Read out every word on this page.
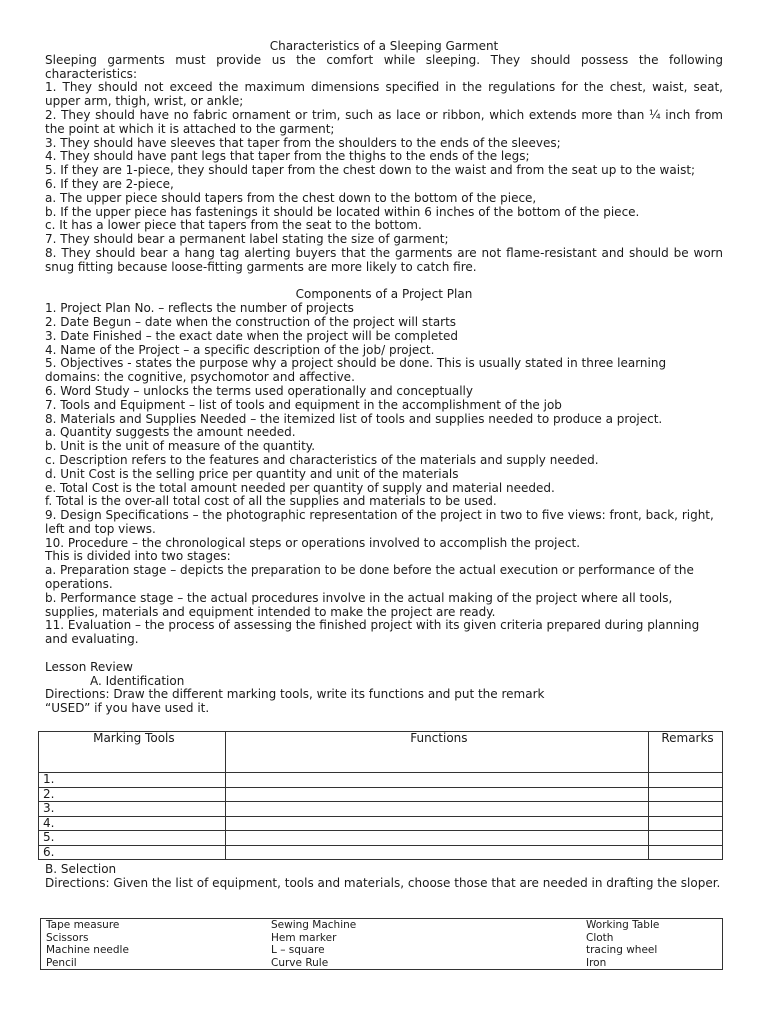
Characteristics of a Sleeping Garment

Sleeping garments must provide us the comfort while sleeping. They should possess the following characteristics:

1. They should not exceed the maximum dimensions specified in the regulations for the chest, waist, seat, upper arm, thigh, wrist, or ankle;

2. They should have no fabric ornament or trim, such as lace or ribbon, which extends more than ¼ inch from the point at which it is attached to the garment;

3. They should have sleeves that taper from the shoulders to the ends of the sleeves;

4. They should have pant legs that taper from the thighs to the ends of the legs;

5. If they are 1-piece, they should taper from the chest down to the waist and from the seat up to the waist;

6. If they are 2-piece,

a. The upper piece should tapers from the chest down to the bottom of the piece,

b. If the upper piece has fastenings it should be located within 6 inches of the bottom of the piece.

c. It has a lower piece that tapers from the seat to the bottom.

7. They should bear a permanent label stating the size of garment;

8. They should bear a hang tag alerting buyers that the garments are not flame-resistant and should be worn snug fitting because loose-fitting garments are more likely to catch fire.

Components of a Project Plan

1. Project Plan No. – reflects the number of projects

2. Date Begun – date when the construction of the project will starts

3. Date Finished – the exact date when the project will be completed

4. Name of the Project – a specific description of the job/ project.

5. Objectives - states the purpose why a project should be done. This is usually stated in three learning domains: the cognitive, psychomotor and affective.

6. Word Study – unlocks the terms used operationally and conceptually

7. Tools and Equipment – list of tools and equipment in the accomplishment of the job

8. Materials and Supplies Needed – the itemized list of tools and supplies needed to produce a project.

a. Quantity suggests the amount needed.

b. Unit is the unit of measure of the quantity.

c. Description refers to the features and characteristics of the materials and supply needed.

d. Unit Cost is the selling price per quantity and unit of the materials

e. Total Cost is the total amount needed per quantity of supply and material needed.

f. Total is the over-all total cost of all the supplies and materials to be used.

9. Design Specifications – the photographic representation of the project in two to five views: front, back, right, left and top views.

10. Procedure – the chronological steps or operations involved to accomplish the project.

This is divided into two stages:

a. Preparation stage – depicts the preparation to be done before the actual execution or performance of the operations.

b. Performance stage – the actual procedures involve in the actual making of the project where all tools, supplies, materials and equipment intended to make the project are ready.

11. Evaluation – the process of assessing the finished project with its given criteria prepared during planning and evaluating.

Lesson Review

A. Identification

Directions: Draw the different marking tools, write its functions and put the remark

“USED” if you have used it.

Marking Tools	Functions	Remarks
1.		
2.		
3.		
4.		
5.		
6.		

B. Selection

Directions: Given the list of equipment, tools and materials, choose those that are needed in drafting the sloper.

Tape measure	Sewing Machine	Working Table
Scissors	Hem marker	Cloth
Machine needle	L – square	tracing wheel
Pencil	Curve Rule	Iron
